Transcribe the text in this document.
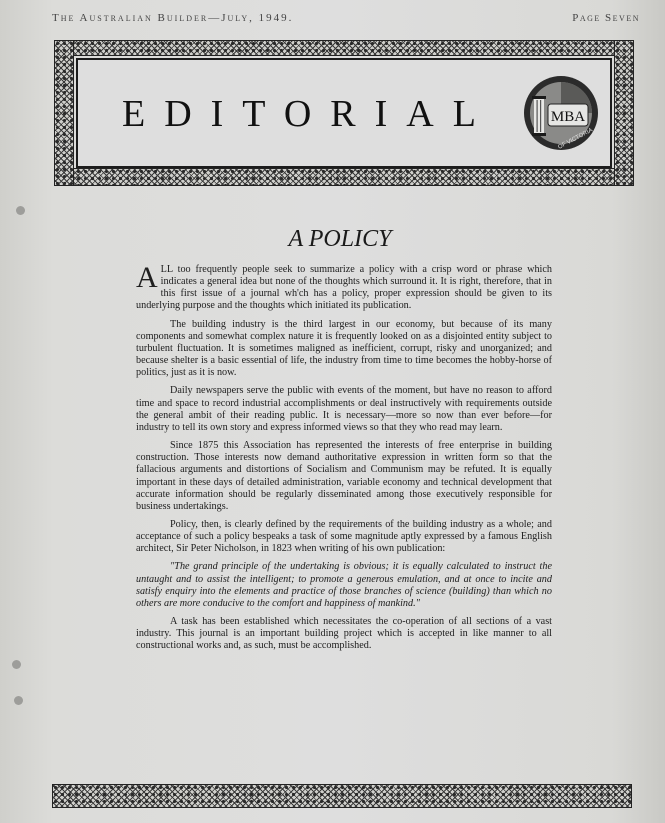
The Australian Builder—July, 1949.	Page Seven
EDITORIAL	MBA
OF VICTORIA
A POLICY

ALL too frequently people seek to summarize a policy with a crisp word or phrase which indicates a general idea but none of the thoughts which surround it. It is right, therefore, that in this first issue of a journal wh'ch has a policy, proper expression should be given to its underlying purpose and the thoughts which initiated its publication.

The building industry is the third largest in our economy, but because of its many components and somewhat complex nature it is frequently looked on as a disjointed entity subject to turbulent fluctuation. It is sometimes maligned as inefficient, corrupt, risky and unorganized; and because shelter is a basic essential of life, the industry from time to time becomes the hobby-horse of politics, just as it is now.

Daily newspapers serve the public with events of the moment, but have no reason to afford time and space to record industrial accomplishments or deal instructively with requirements outside the general ambit of their reading public. It is necessary—more so now than ever before—for industry to tell its own story and express informed views so that they who read may learn.

Since 1875 this Association has represented the interests of free enterprise in building construction. Those interests now demand authoritative expression in written form so that the fallacious arguments and distortions of Socialism and Communism may be refuted. It is equally important in these days of detailed administration, variable economy and technical development that accurate information should be regularly disseminated among those executively responsible for business undertakings.

Policy, then, is clearly defined by the requirements of the building industry as a whole; and acceptance of such a policy bespeaks a task of some magnitude aptly expressed by a famous English architect, Sir Peter Nicholson, in 1823 when writing of his own publication:

"The grand principle of the undertaking is obvious; it is equally calculated to instruct the untaught and to assist the intelligent; to promote a generous emulation, and at once to incite and satisfy enquiry into the elements and practice of those branches of science (building) than which no others are more conducive to the comfort and happiness of mankind."

A task has been established which necessitates the co-operation of all sections of a vast industry. This journal is an important building project which is accepted in like manner to all constructional works and, as such, must be accomplished.
